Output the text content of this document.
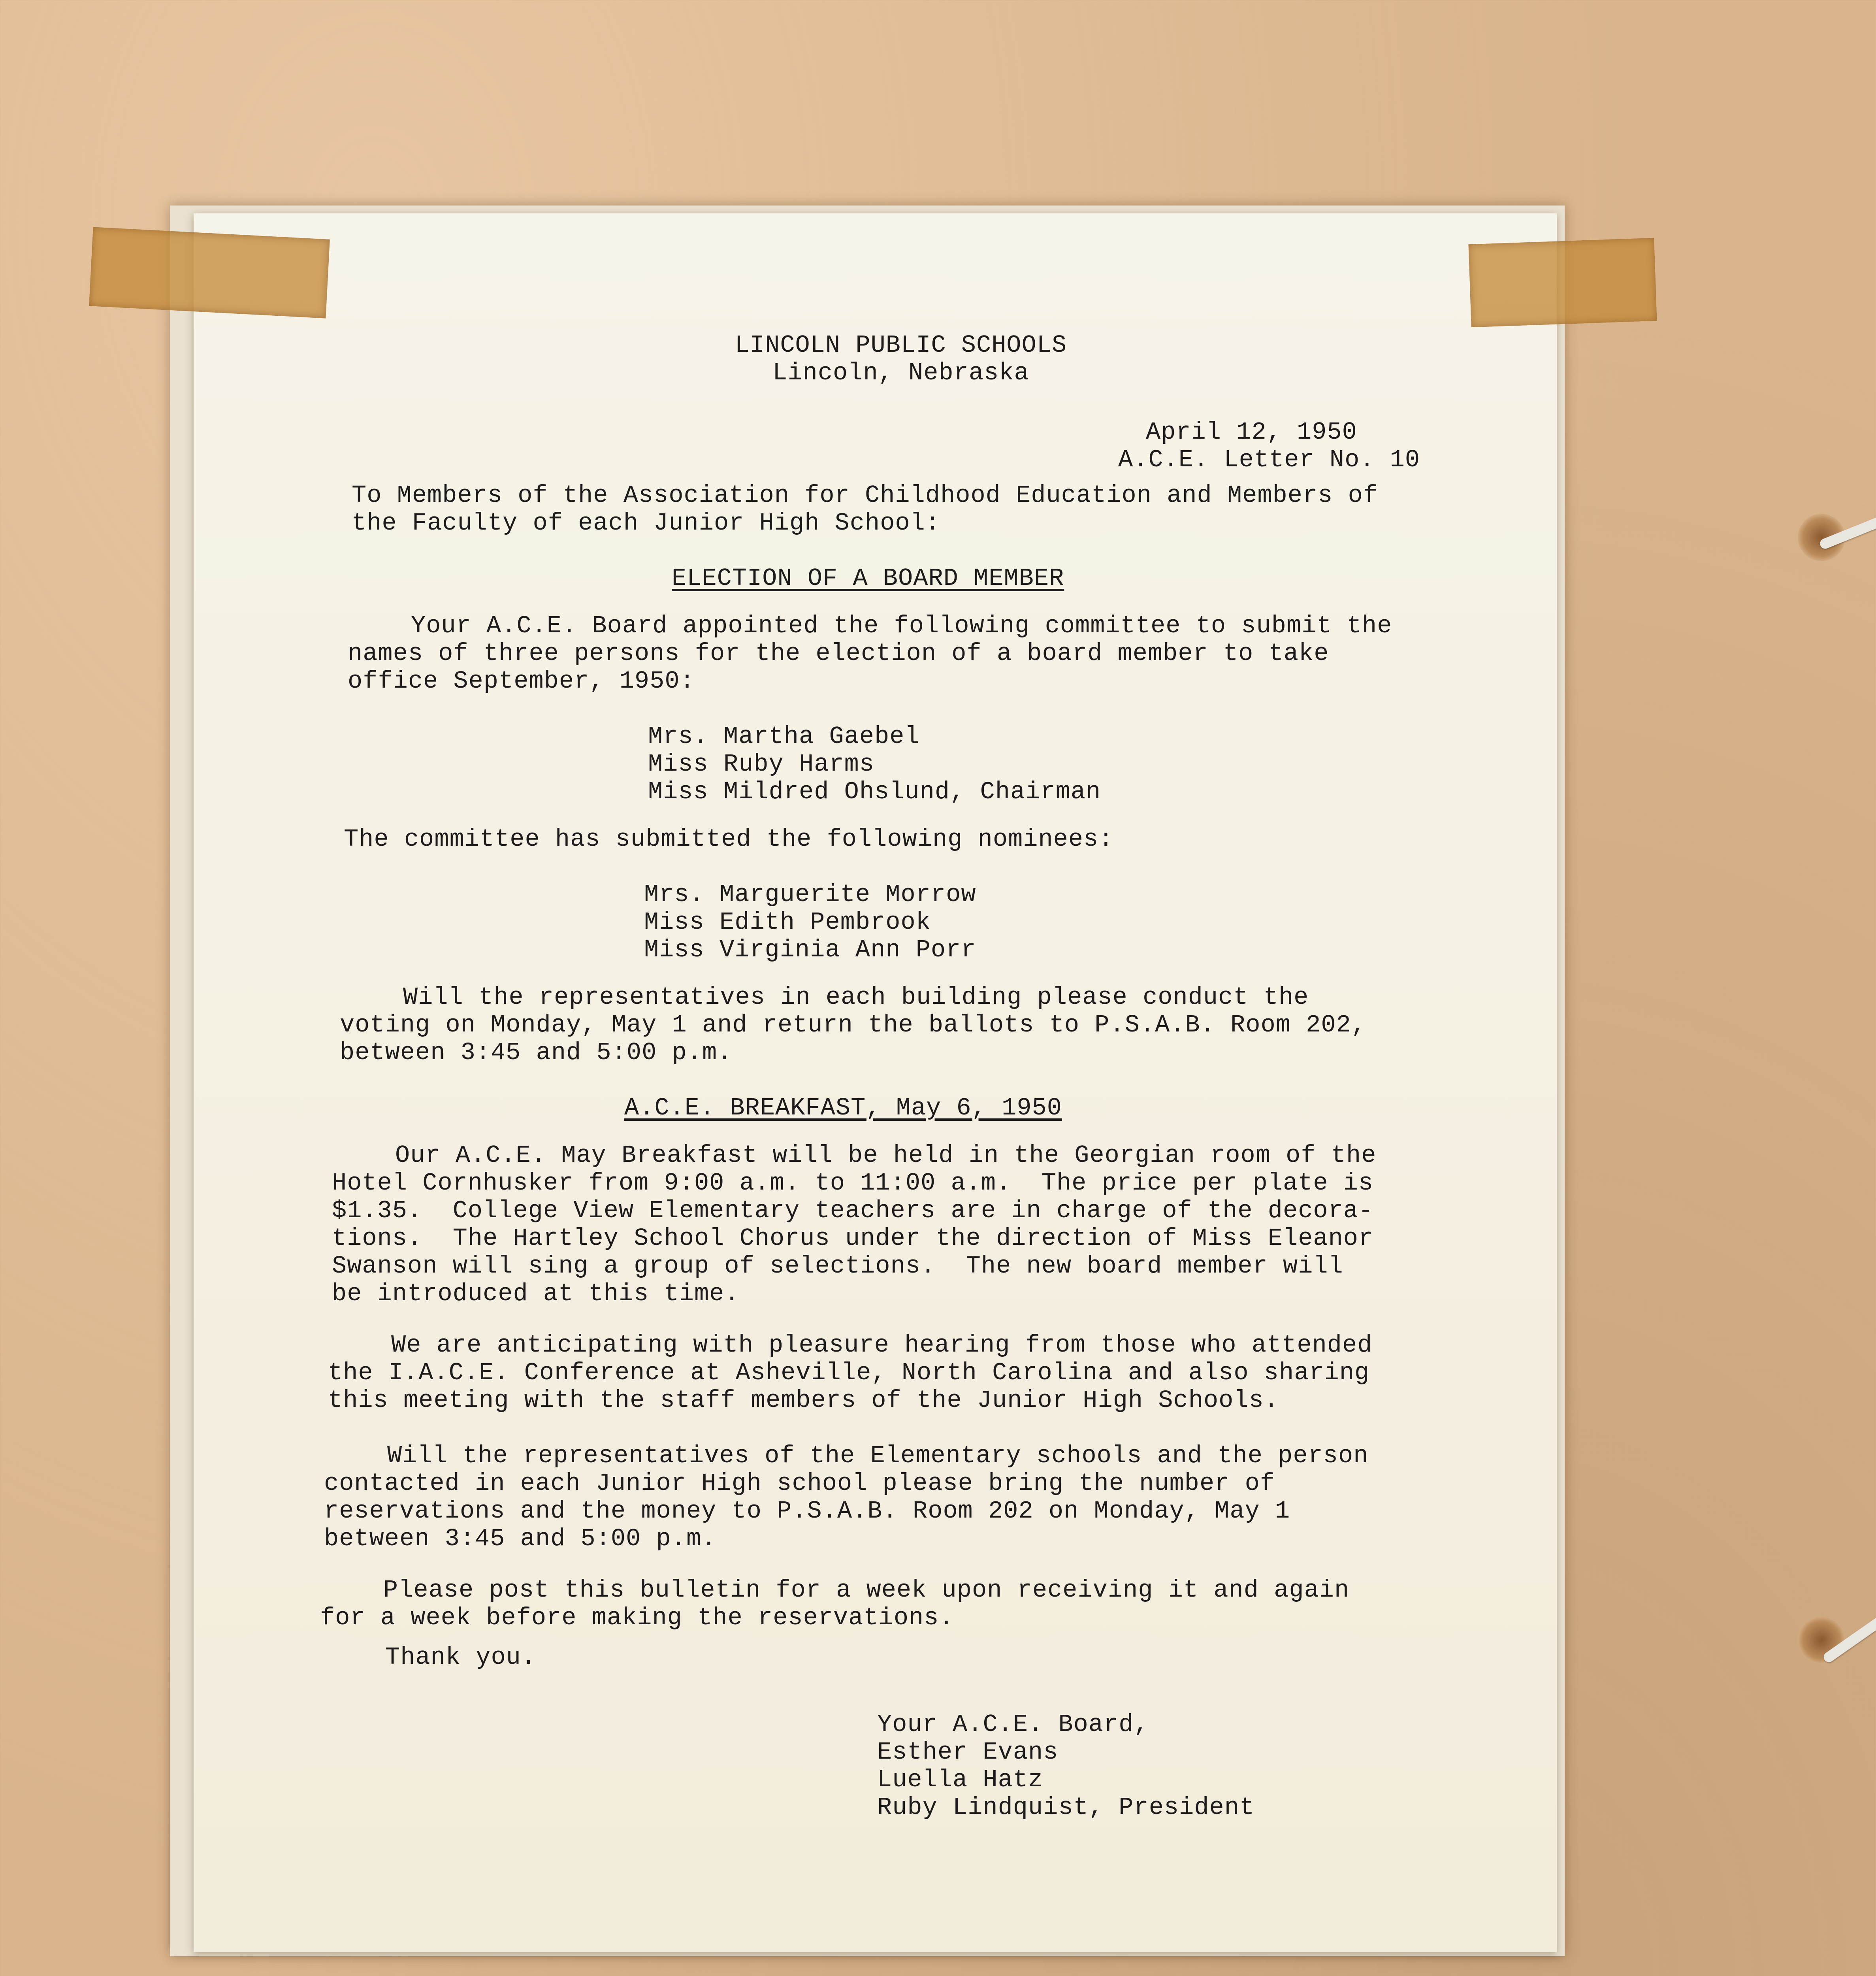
LINCOLN PUBLIC SCHOOLS
Lincoln, Nebraska
April 12, 1950
A.C.E. Letter No. 10
To Members of the Association for Childhood Education and Members of
the Faculty of each Junior High School:
ELECTION OF A BOARD MEMBER
Your A.C.E. Board appointed the following committee to submit the
names of three persons for the election of a board member to take
office September, 1950:
Mrs. Martha Gaebel
Miss Ruby Harms
Miss Mildred Ohslund, Chairman
The committee has submitted the following nominees:
Mrs. Marguerite Morrow
Miss Edith Pembrook
Miss Virginia Ann Porr
Will the representatives in each building please conduct the
voting on Monday, May 1 and return the ballots to P.S.A.B. Room 202,
between 3:45 and 5:00 p.m.
A.C.E. BREAKFAST, May 6, 1950
Our A.C.E. May Breakfast will be held in the Georgian room of the
Hotel Cornhusker from 9:00 a.m. to 11:00 a.m.  The price per plate is
$1.35.  College View Elementary teachers are in charge of the decora-
tions.  The Hartley School Chorus under the direction of Miss Eleanor
Swanson will sing a group of selections.  The new board member will
be introduced at this time.
We are anticipating with pleasure hearing from those who attended
the I.A.C.E. Conference at Asheville, North Carolina and also sharing
this meeting with the staff members of the Junior High Schools.
Will the representatives of the Elementary schools and the person
contacted in each Junior High school please bring the number of
reservations and the money to P.S.A.B. Room 202 on Monday, May 1
between 3:45 and 5:00 p.m.
Please post this bulletin for a week upon receiving it and again
for a week before making the reservations.
Thank you.
Your A.C.E. Board,
Esther Evans
Luella Hatz
Ruby Lindquist, President
